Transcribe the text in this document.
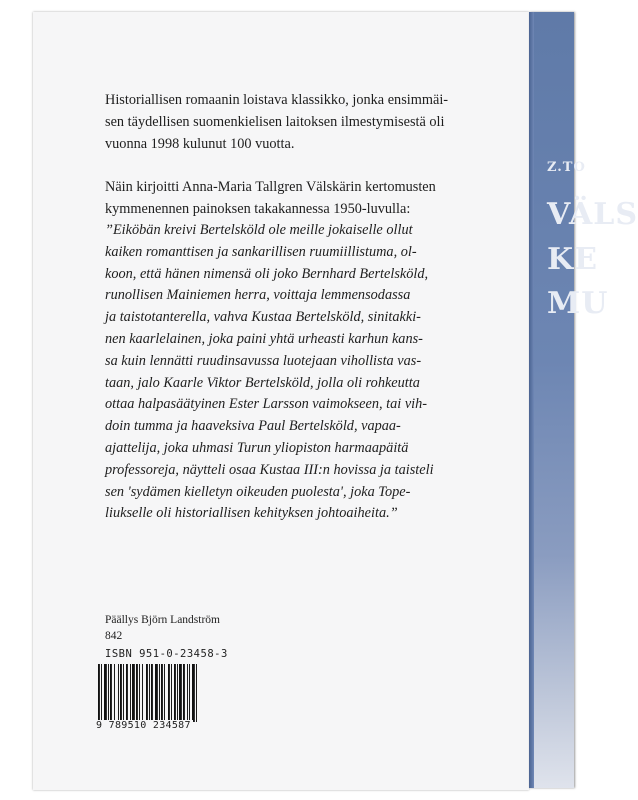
Z.TO
VÄLS
KE
MU
Historiallisen romaanin loistava klassikko, jonka ensimmäi-
sen täydellisen suomenkielisen laitoksen ilmestymisestä oli
vuonna 1998 kulunut 100 vuotta.
Näin kirjoitti Anna-Maria Tallgren Välskärin kertomusten
kymmenennen painoksen takakannessa 1950-luvulla:
”Eiköbän kreivi Bertelsköld ole meille jokaiselle ollut
kaiken romanttisen ja sankarillisen ruumiillistuma, ol-
koon, että hänen nimensä oli joko Bernhard Bertelsköld,
runollisen Mainiemen herra, voittaja lemmensodassa
ja taistotanterella, vahva Kustaa Bertelsköld, sinitakki-
nen kaarlelainen, joka paini yhtä urheasti karhun kans-
sa kuin lennätti ruudinsavussa luotejaan vihollista vas-
taan, jalo Kaarle Viktor Bertelsköld, jolla oli rohkeutta
ottaa halpasäätyinen Ester Larsson vaimokseen, tai vih-
doin tumma ja haaveksiva Paul Bertelsköld, vapaa-
ajattelija, joka uhmasi Turun yliopiston harmaapäitä
professoreja, näytteli osaa Kustaa III:n hovissa ja taisteli
sen 'sydämen kielletyn oikeuden puolesta', joka Tope-
liukselle oli historiallisen kehityksen johtoaiheita.”
Päällys Björn Landström
842
ISBN 951-0-23458-3
9 789510 234587
